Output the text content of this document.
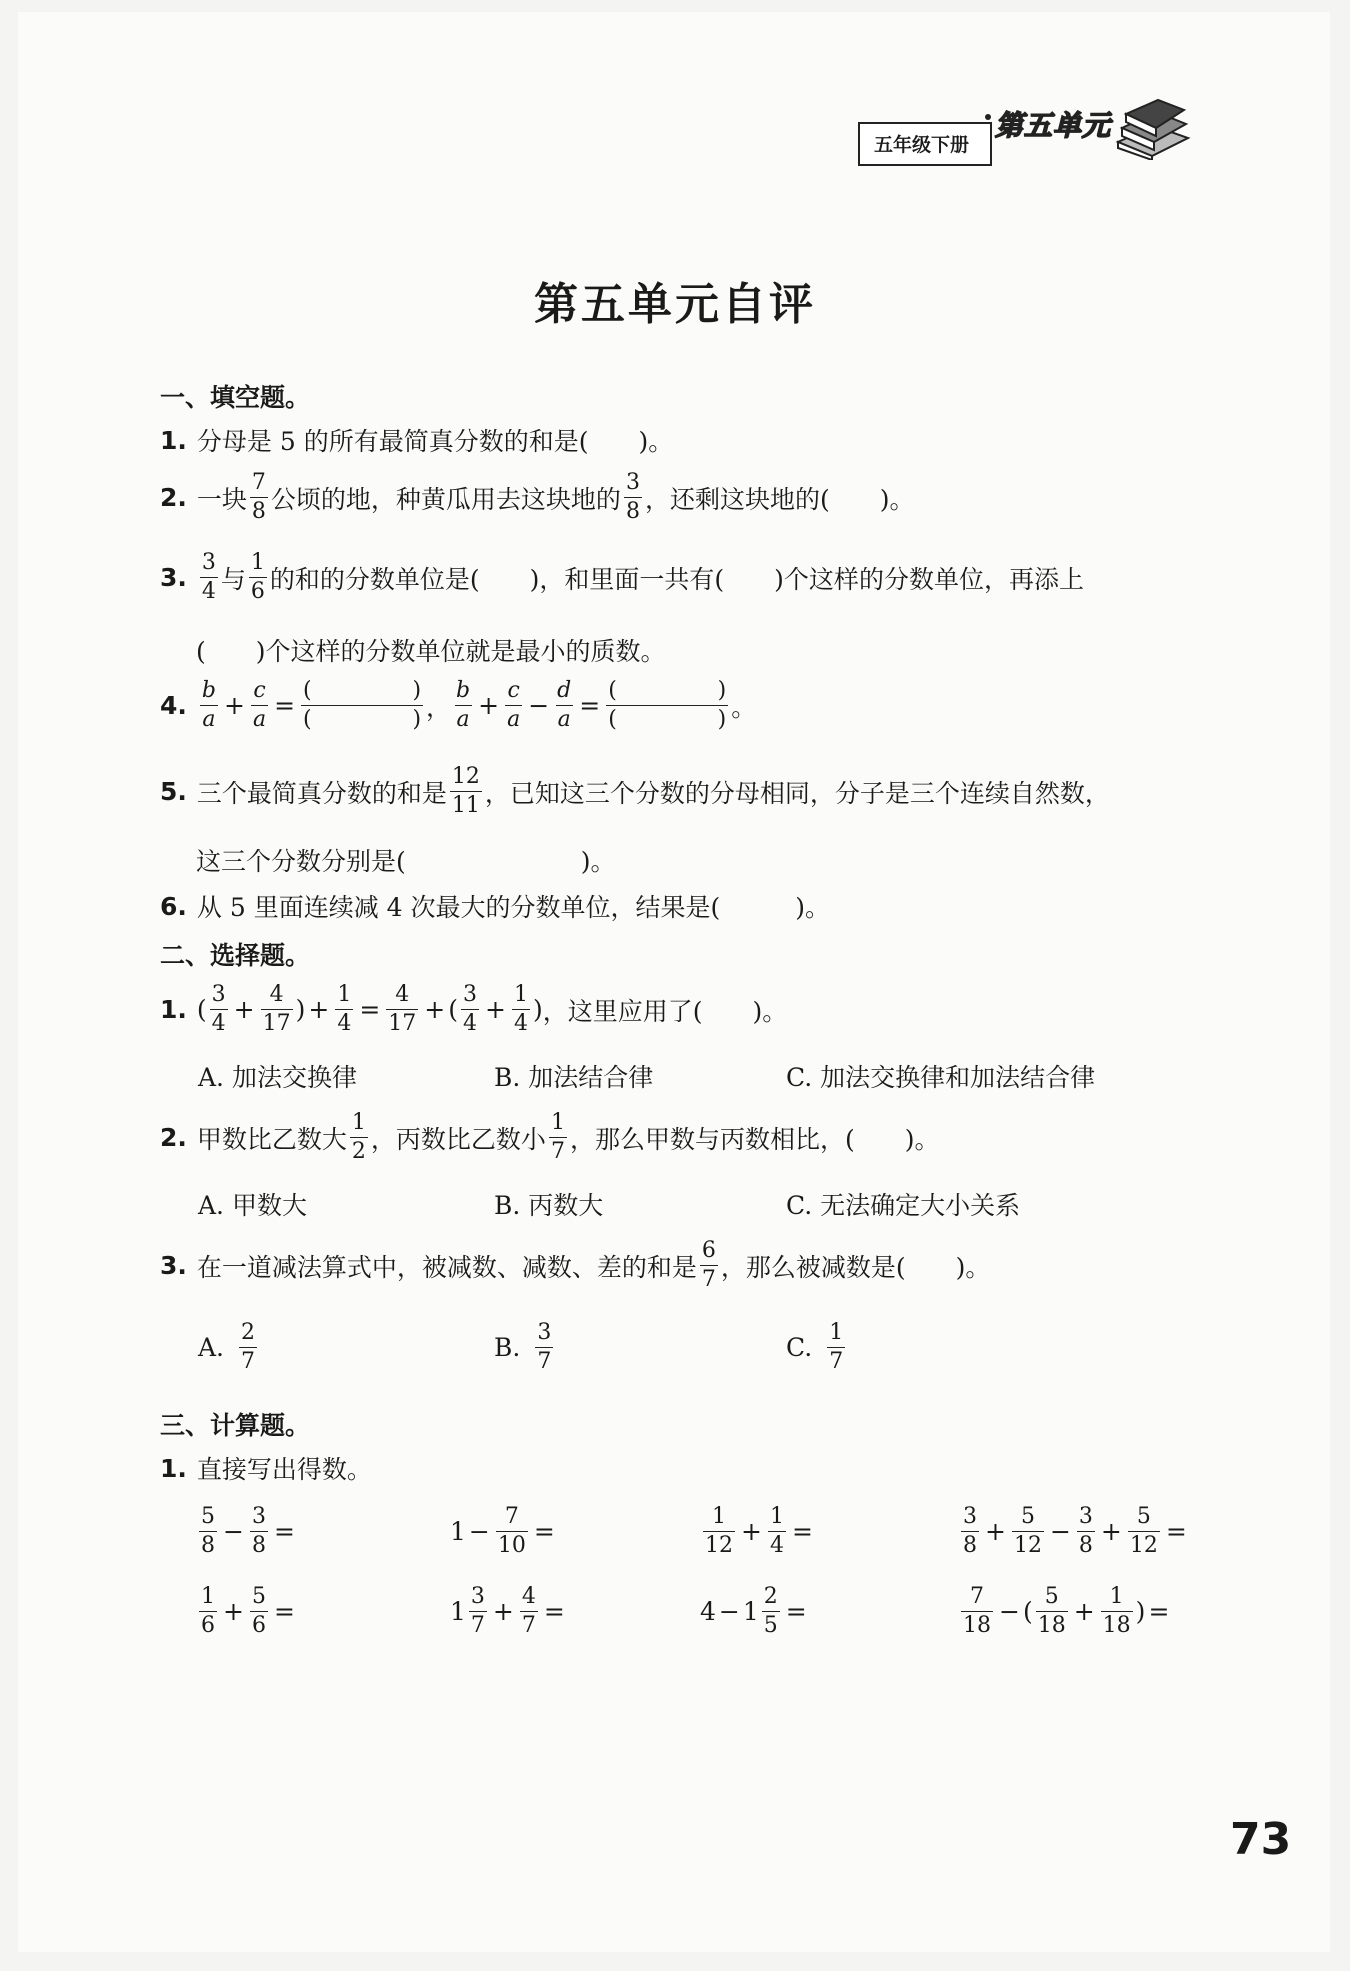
五年级下册
第五单元
第五单元自评
一、填空题。
1. 分母是 5 的所有最简真分数的和是(　　)。
2. 一块 $\frac{7}{8}$ 公顷的地，种黄瓜用去这块地的 $\frac{3}{8}$ ，还剩这块地的(　　)。
3. $\frac{3}{4}$ 与 $\frac{1}{6}$ 的和的分数单位是(　　)，和里面一共有(　　)个这样的分数单位，再添上
(　　)个这样的分数单位就是最小的质数。
4. $\frac{b}{a} + \frac{c}{a}$ = (	)
(	) ， $\frac{b}{a} + \frac{c}{a} - \frac{d}{a}$ = (	)
(	) 。
5. 三个最简真分数的和是 $\frac{12}{11}$ ，已知这三个分数的分母相同，分子是三个连续自然数，
这三个分数分别是(　　　　　　　)。
6. 从 5 里面连续减 4 次最大的分数单位，结果是(　　　)。
二、选择题。
1. ( $\frac{3}{4} + \frac{4}{17}$ ) + $\frac{1}{4} = \frac{4}{17}$ + ( $\frac{3}{4} + \frac{1}{4}$ ) ，这里应用了(　　)。
A. 加法交换律	B. 加法结合律	C. 加法交换律和加法结合律
2. 甲数比乙数大 $\frac{1}{2}$ ，丙数比乙数小 $\frac{1}{7}$ ，那么甲数与丙数相比，(　　)。
A. 甲数大	B. 丙数大	C. 无法确定大小关系
3. 在一道减法算式中，被减数、减数、差的和是 $\frac{6}{7}$ ，那么被减数是(　　)。
A. $\frac{2}{7}$	B. $\frac{3}{7}$	C. $\frac{1}{7}$
三、计算题。
1. 直接写出得数。
$\frac{5}{8} - \frac{3}{8}$ =	$1 - \frac{7}{10}$ =	$\frac{1}{12} + \frac{1}{4}$ =	$\frac{3}{8} + \frac{5}{12} - \frac{3}{8} + \frac{5}{12}$ =
$\frac{1}{6} + \frac{5}{6}$ =	$1 \frac{3}{7} + \frac{4}{7}$ =	$4 - 1 \frac{2}{5}$ =	$\frac{7}{18}$ − ( $\frac{5}{18} + \frac{1}{18}$ ) =
73
